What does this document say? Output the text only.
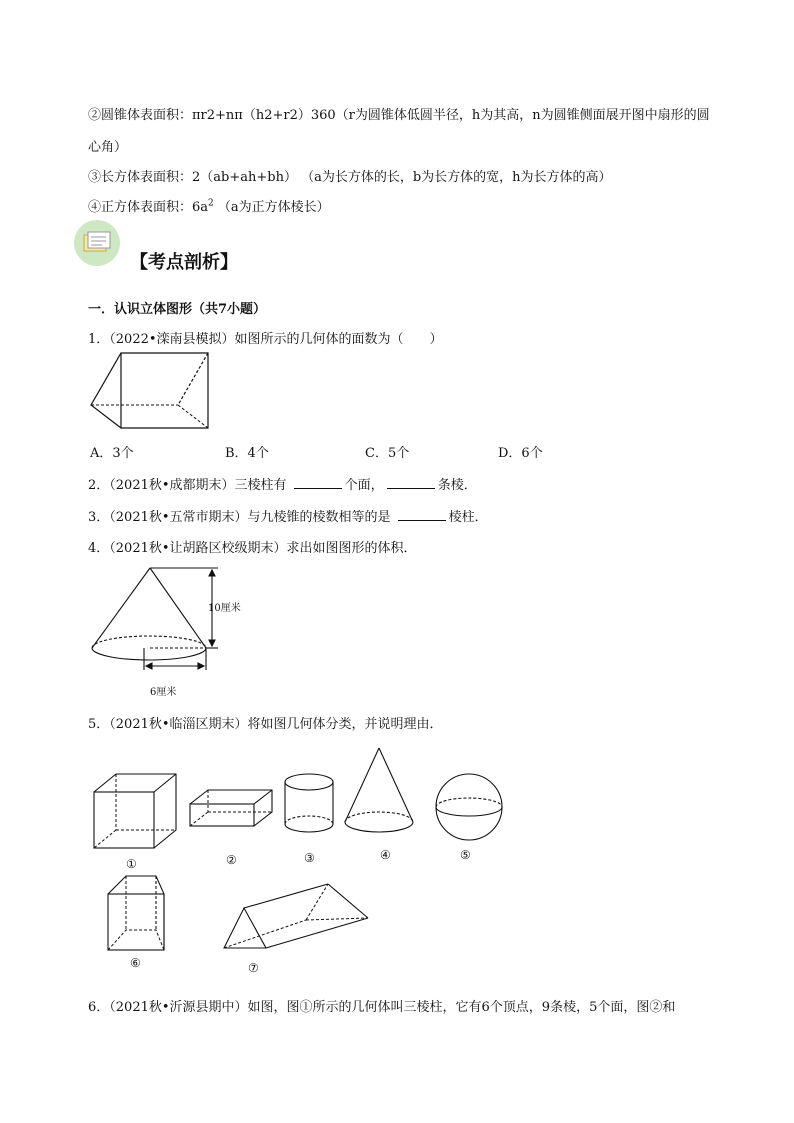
②圆锥体表面积：πr2+nπ（h2+r2）360（r为圆锥体低圆半径，h为其高，n为圆锥侧面展开图中扇形的圆
心角）
③长方体表面积：2（ab+ah+bh） （a为长方体的长，b为长方体的宽，h为长方体的高）
④正方体表面积：$6a^2$ （a为正方体棱长）
【考点剖析】
一．认识立体图形（共7小题）
1．（2022•滦南县模拟）如图所示的几何体的面数为（　　）
A．3个	B．4个	C．5个	D．6个
2．（2021秋•成都期末）三棱柱有	个面，	条棱．
3．（2021秋•五常市期末）与九棱锥的棱数相等的是	棱柱．
4．（2021秋•让胡路区校级期末）求出如图图形的体积．
10厘米
6厘米
5．（2021秋•临淄区期末）将如图几何体分类，并说明理由．
①	②	③	④	⑤
⑥	⑦
6．（2021秋•沂源县期中）如图，图①所示的几何体叫三棱柱，它有6个顶点，9条棱，5个面，图②和
